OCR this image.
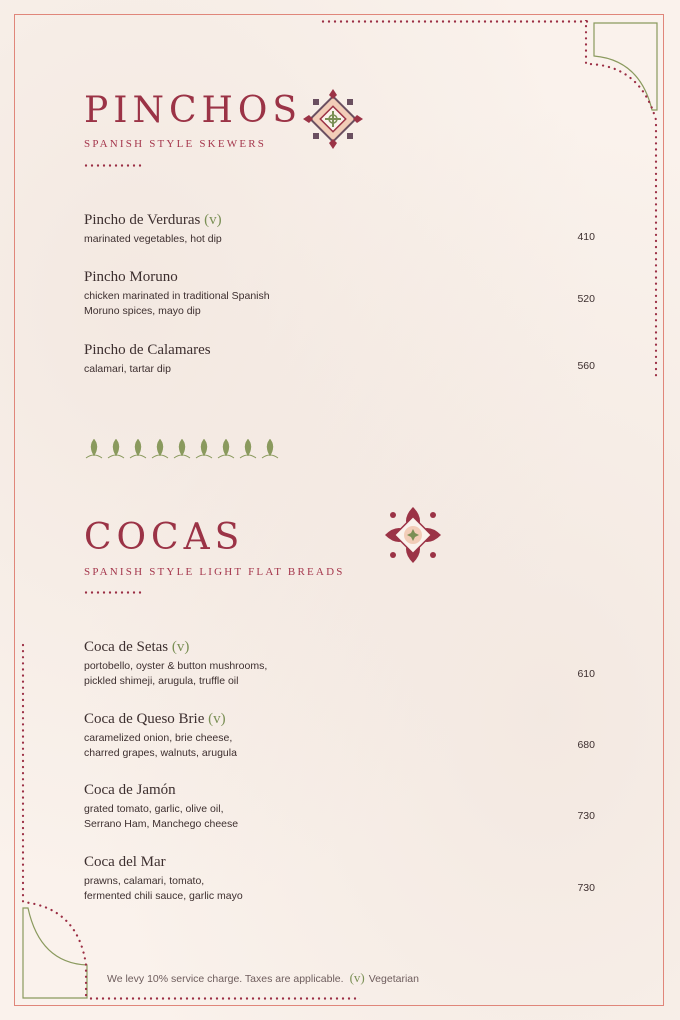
PINCHOS
SPANISH STYLE SKEWERS
Pincho de Verduras (v)
marinated vegetables, hot dip	410
Pincho Moruno
chicken marinated in traditional Spanish
Moruno spices, mayo dip
520
Pincho de Calamares
calamari, tartar dip	560
COCAS
SPANISH STYLE LIGHT FLAT BREADS
Coca de Setas (v)
portobello, oyster & button mushrooms,
pickled shimeji, arugula, truffle oil
610
Coca de Queso Brie (v)
caramelized onion, brie cheese,
charred grapes, walnuts, arugula
680
Coca de Jamón
grated tomato, garlic, olive oil,
Serrano Ham, Manchego cheese
730
Coca del Mar
prawns, calamari, tomato,
fermented chili sauce, garlic mayo
730
We levy 10% service charge. Taxes are applicable. (v) Vegetarian
